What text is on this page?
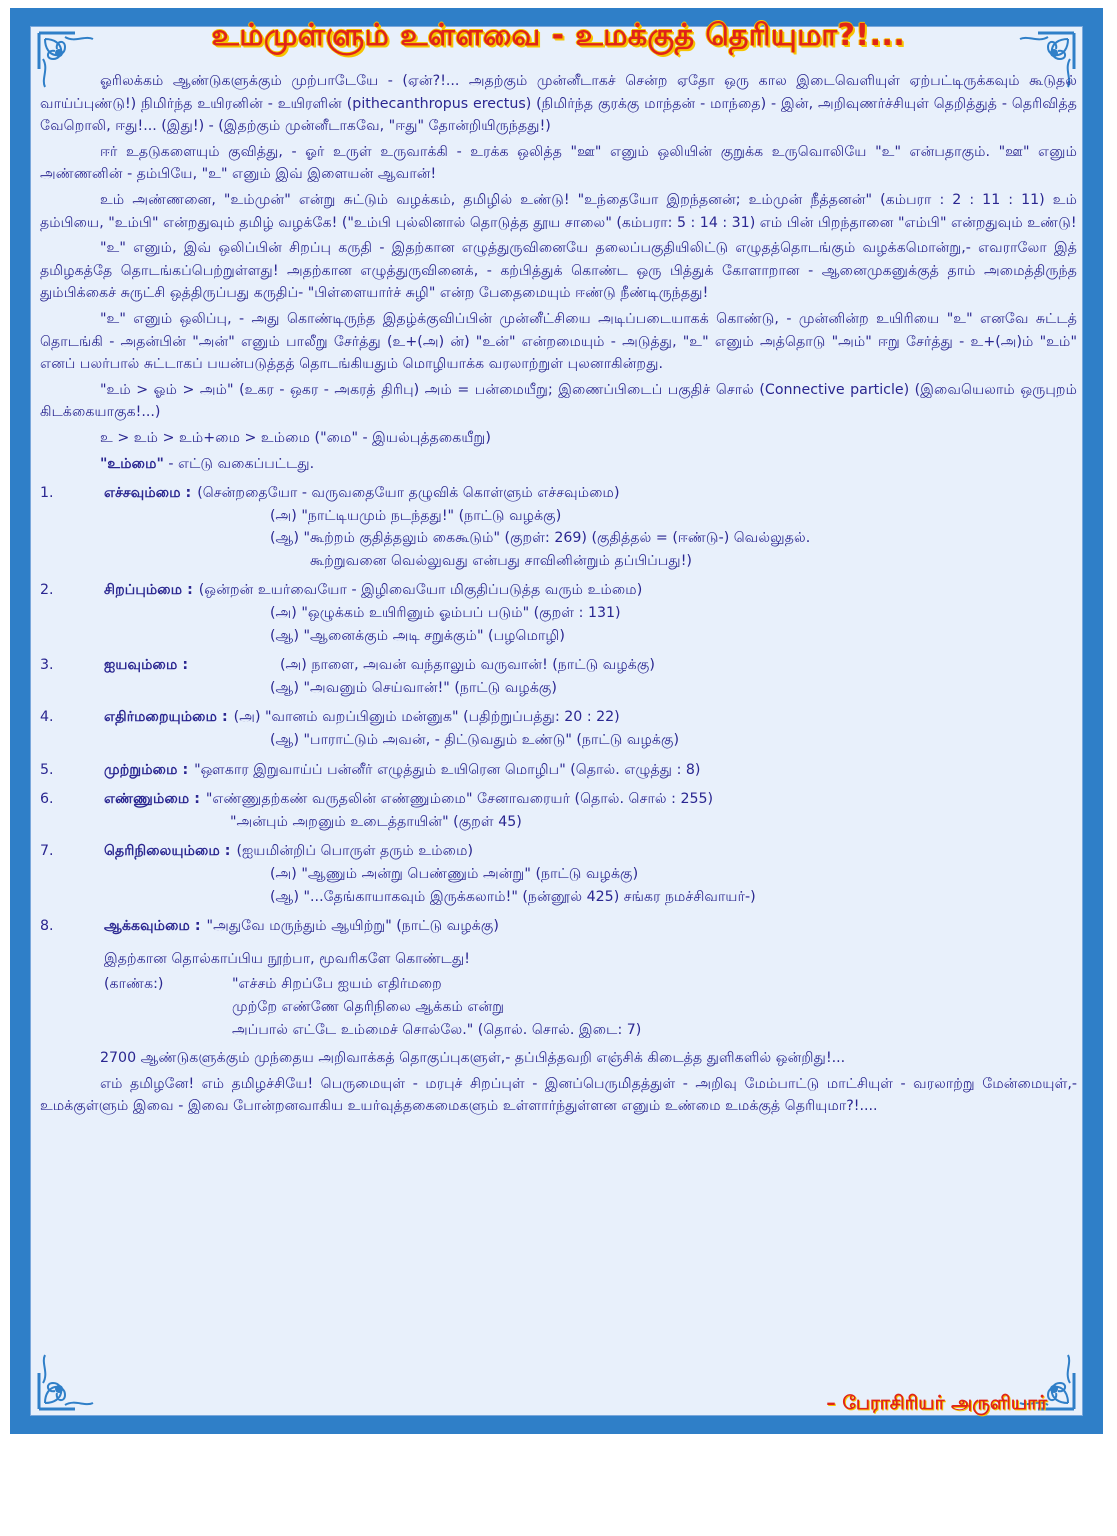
உம்முள்ளும் உள்ளவை - உமக்குத் தெரியுமா?!...

ஓரிலக்கம் ஆண்டுகளுக்கும் முற்பாடேயே - (ஏன்?!... அதற்கும் முன்னீடாகச் சென்ற ஏதோ ஒரு கால இடைவெளியுள் ஏற்பட்டிருக்கவும் கூடுதல் வாய்ப்புண்டு!) நிமிர்ந்த உயிரனின் - உயிரளின் (pithecanthropus erectus) (நிமிர்ந்த குரக்கு மாந்தன் - மாந்தை) - இன், அறிவுணர்ச்சியுள் தெறித்துத் - தெரிவித்த வேறொலி, ஈது!... (இது!) - (இதற்கும் முன்னீடாகவே, "ஈது" தோன்றியிருந்தது!)

ஈர் உதடுகளையும் குவித்து, - ஓர் உருள் உருவாக்கி - உரக்க ஒலித்த "ஊ" எனும் ஒலியின் குறுக்க உருவொலியே "உ" என்பதாகும். "ஊ" எனும் அண்ணனின் - தம்பியே, "உ" எனும் இவ் இளையன் ஆவான்!

உம் அண்ணனை, "உம்முன்" என்று சுட்டும் வழக்கம், தமிழில் உண்டு! "உந்தையோ இறந்தனன்; உம்முன் நீத்தனன்" (கம்பரா : 2 : 11 : 11) உம் தம்பியை, "உம்பி" என்றதுவும் தமிழ் வழக்கே! ("உம்பி புல்லினால் தொடுத்த தூய சாலை" (கம்பரா: 5 : 14 : 31) எம் பின் பிறந்தானை "எம்பி" என்றதுவும் உண்டு!

"உ" எனும், இவ் ஒலிப்பின் சிறப்பு கருதி - இதற்கான எழுத்துருவினையே தலைப்பகுதியிலிட்டு எழுதத்தொடங்கும் வழக்கமொன்று,- எவராலோ இத் தமிழகத்தே தொடங்கப்பெற்றுள்ளது! அதற்கான எழுத்துருவினைக், - கற்பித்துக் கொண்ட ஒரு பித்துக் கோளாறான - ஆனைமுகனுக்குத் தாம் அமைத்திருந்த தும்பிக்கைச் சுருட்சி ஒத்திருப்பது கருதிப்- "பிள்ளையார்ச் சுழி" என்ற பேதைமையும் ஈண்டு நீண்டிருந்தது!

"உ" எனும் ஒலிப்பு, - அது கொண்டிருந்த இதழ்க்குவிப்பின் முன்னீட்சியை அடிப்படையாகக் கொண்டு, - முன்னின்ற உயிரியை "உ" எனவே சுட்டத் தொடங்கி - அதன்பின் "அன்" எனும் பாலீறு சேர்த்து (உ+(அ) ன்) "உன்" என்றமையும் - அடுத்து, "உ" எனும் அத்தொடு "அம்" ஈறு சேர்த்து - உ+(அ)ம் "உம்" எனப் பலர்பால் சுட்டாகப் பயன்படுத்தத் தொடங்கியதும் மொழியாக்க வரலாற்றுள் புலனாகின்றது.

"உம் > ஓம் > அம்" (உகர - ஒகர - அகரத் திரிபு) அம் = பன்மையீறு; இணைப்பிடைப் பகுதிச் சொல் (Connective particle) (இவையெலாம் ஒருபுறம் கிடக்கையாகுக!...)

உ > உம் > உம்+மை > உம்மை ("மை" - இயல்புத்தகையீறு)

"உம்மை" - எட்டு வகைப்பட்டது.

1.	எச்சவும்மை : (சென்றதையோ - வருவதையோ தழுவிக் கொள்ளும் எச்சவும்மை)

(அ) "நாட்டியமும் நடந்தது!" (நாட்டு வழக்கு)

(ஆ) "கூற்றம் குதித்தலும் கைகூடும்" (குறள்: 269) (குதித்தல் = (ஈண்டு-) வெல்லுதல்.

கூற்றுவனை வெல்லுவது என்பது சாவினின்றும் தப்பிப்பது!)

2.	சிறப்பும்மை : (ஒன்றன் உயர்வையோ - இழிவையோ மிகுதிப்படுத்த வரும் உம்மை)

(அ) "ஒழுக்கம் உயிரினும் ஓம்பப் படும்" (குறள் : 131)

(ஆ) "ஆனைக்கும் அடி சறுக்கும்" (பழமொழி)

3.	ஐயவும்மை :	(அ) நாளை, அவன் வந்தாலும் வருவான்! (நாட்டு வழக்கு)

(ஆ) "அவனும் செய்வான்!" (நாட்டு வழக்கு)

4.	எதிர்மறையும்மை : (அ) "வானம் வறப்பினும் மன்னுக" (பதிற்றுப்பத்து: 20 : 22)

(ஆ) "பாராட்டும் அவன், - திட்டுவதும் உண்டு" (நாட்டு வழக்கு)

5.	முற்றும்மை : "ஔகார இறுவாய்ப் பன்னீர் எழுத்தும் உயிரென மொழிப" (தொல். எழுத்து : 8)
6.	எண்ணும்மை : "எண்ணுதற்கண் வருதலின் எண்ணும்மை" சேனாவரையர் (தொல். சொல் : 255)

"அன்பும் அறனும் உடைத்தாயின்" (குறள் 45)

7.	தெரிநிலையும்மை : (ஐயமின்றிப் பொருள் தரும் உம்மை)

(அ) "ஆணும் அன்று பெண்ணும் அன்று" (நாட்டு வழக்கு)

(ஆ) "...தேங்காயாகவும் இருக்கலாம்!" (நன்னூல் 425) சங்கர நமச்சிவாயர்-)

8.	ஆக்கவும்மை : "அதுவே மருந்தும் ஆயிற்று" (நாட்டு வழக்கு)

இதற்கான தொல்காப்பிய நூற்பா, மூவரிகளே கொண்டது!

(காண்க:)	"எச்சம் சிறப்பே ஐயம் எதிர்மறை
முற்றே எண்ணே தெரிநிலை ஆக்கம் என்று
அப்பால் எட்டே உம்மைச் சொல்லே." (தொல். சொல். இடை: 7)

2700 ஆண்டுகளுக்கும் முந்தைய அறிவாக்கத் தொகுப்புகளுள்,- தப்பித்தவறி எஞ்சிக் கிடைத்த துளிகளில் ஒன்றிது!...

எம் தமிழனே! எம் தமிழச்சியே! பெருமையுள் - மரபுச் சிறப்புள் - இனப்பெருமிதத்துள் - அறிவு மேம்பாட்டு மாட்சியுள் - வரலாற்று மேன்மையுள்,- உமக்குள்ளும் இவை - இவை போன்றனவாகிய உயர்வுத்தகைமைகளும் உள்ளார்ந்துள்ளன எனும் உண்மை உமக்குத் தெரியுமா?!....

– பேராசிரியர் அருளியார்
